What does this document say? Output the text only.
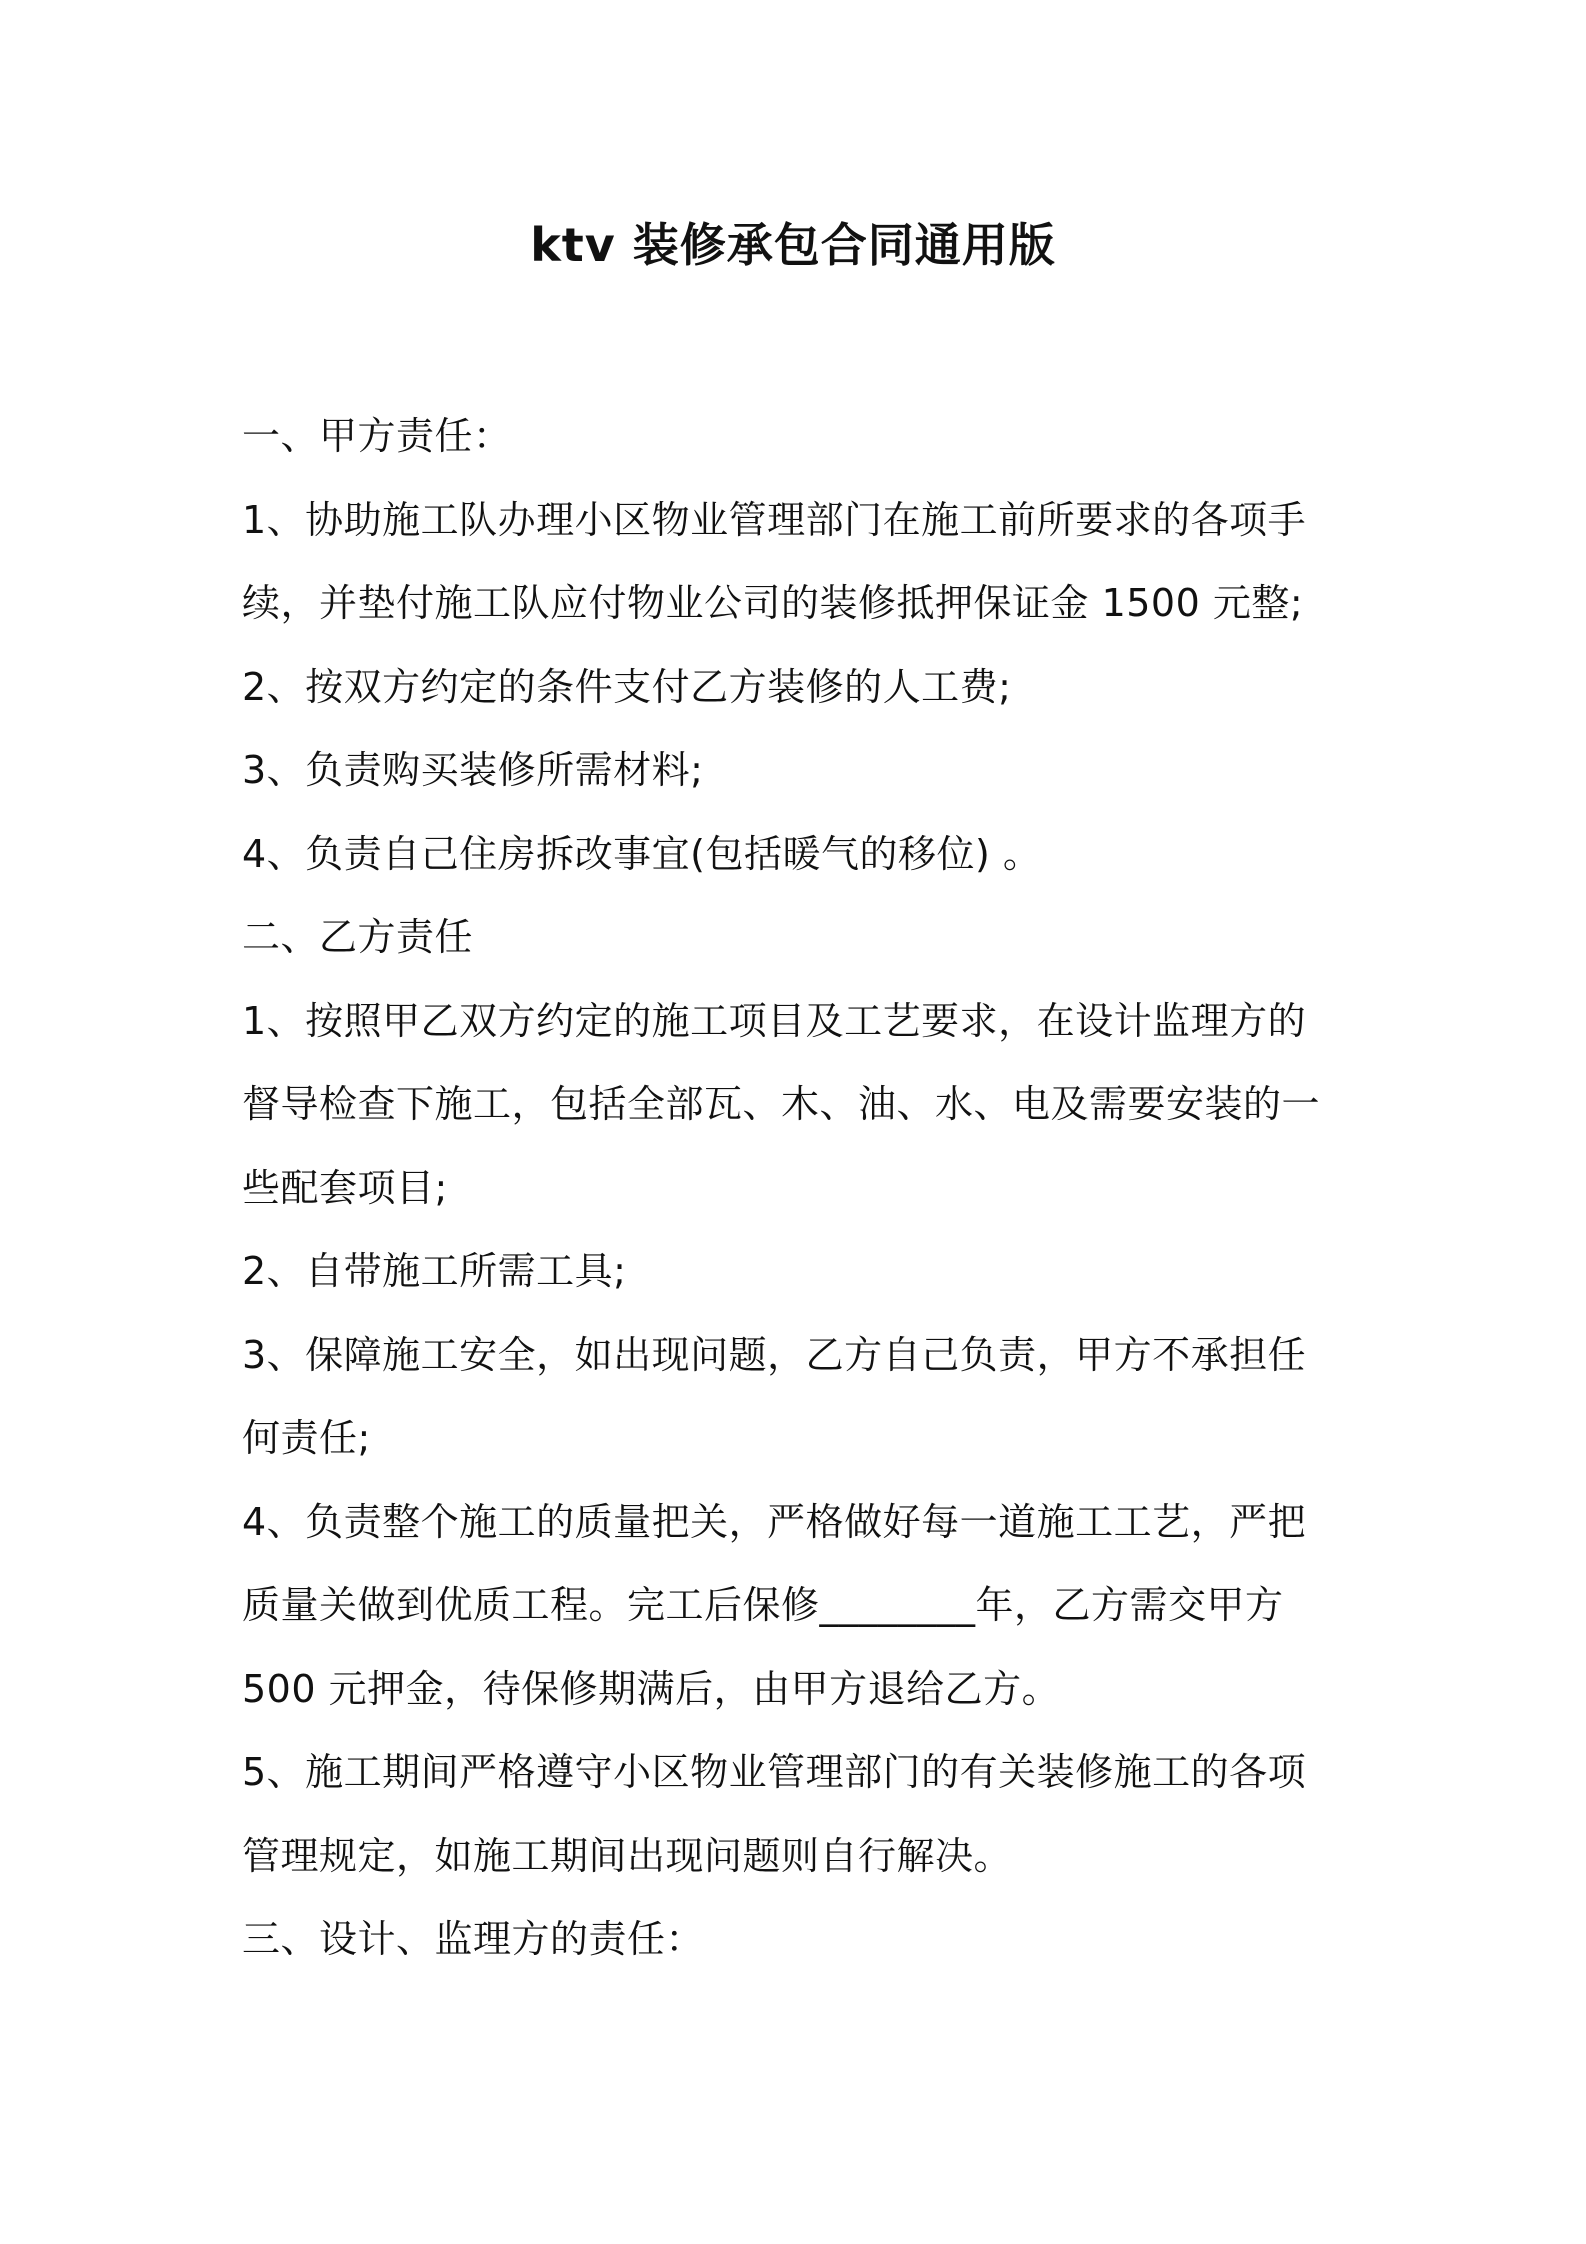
ktv 装修承包合同通用版
一、甲方责任：
1、协助施工队办理小区物业管理部门在施工前所要求的各项手
续，并垫付施工队应付物业公司的装修抵押保证金 1500 元整;
2、按双方约定的条件支付乙方装修的人工费;
3、负责购买装修所需材料;
4、负责自己住房拆改事宜(包括暖气的移位) 。
二、乙方责任
1、按照甲乙双方约定的施工项目及工艺要求，在设计监理方的
督导检查下施工，包括全部瓦、木、油、水、电及需要安装的一
些配套项目;
2、自带施工所需工具;
3、保障施工安全，如出现问题，乙方自己负责，甲方不承担任
何责任;
4、负责整个施工的质量把关，严格做好每一道施工工艺，严把
质量关做到优质工程。完工后保修________年，乙方需交甲方
500 元押金，待保修期满后，由甲方退给乙方。
5、施工期间严格遵守小区物业管理部门的有关装修施工的各项
管理规定，如施工期间出现问题则自行解决。
三、设计、监理方的责任：
